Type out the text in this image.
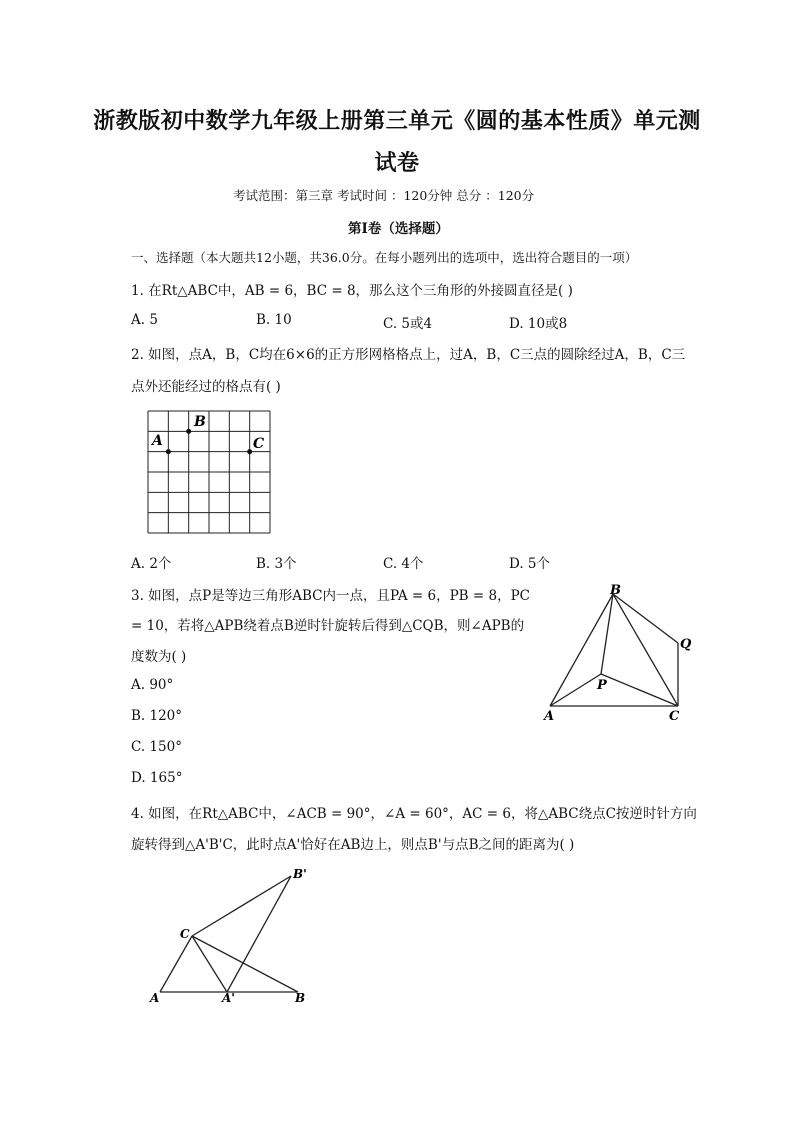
浙教版初中数学九年级上册第三单元《圆的基本性质》单元测试卷
考试范围：第三章 考试时间 ：120分钟 总分 ：120分
第I卷（选择题）
一、选择题（本大题共12小题，共36.0分。在每小题列出的选项中，选出符合题目的一项）
1. 在Rt△ABC中，AB = 6，BC = 8，那么这个三角形的外接圆直径是( )
A. 5	B. 10	C. 5或4	D. 10或8
2. 如图，点A，B，C均在6×6的正方形网格格点上，过A，B，C三点的圆除经过A，B，C三
点外还能经过的格点有( )
A
B
C
A. 2个	B. 3个	C. 4个	D. 5个
3. 如图，点P是等边三角形ABC内一点，且PA = 6，PB = 8，PC
= 10，若将△APB绕着点B逆时针旋转后得到△CQB，则∠APB的
度数为( )
B
Q
P
A	C
A. 90°
B. 120°
C. 150°
D. 165°
4. 如图，在Rt△ABC中，∠ACB = 90°，∠A = 60°，AC = 6，将△ABC绕点C按逆时针方向
旋转得到△A'B'C，此时点A'恰好在AB边上，则点B'与点B之间的距离为( )
B'
C
A	A'	B
